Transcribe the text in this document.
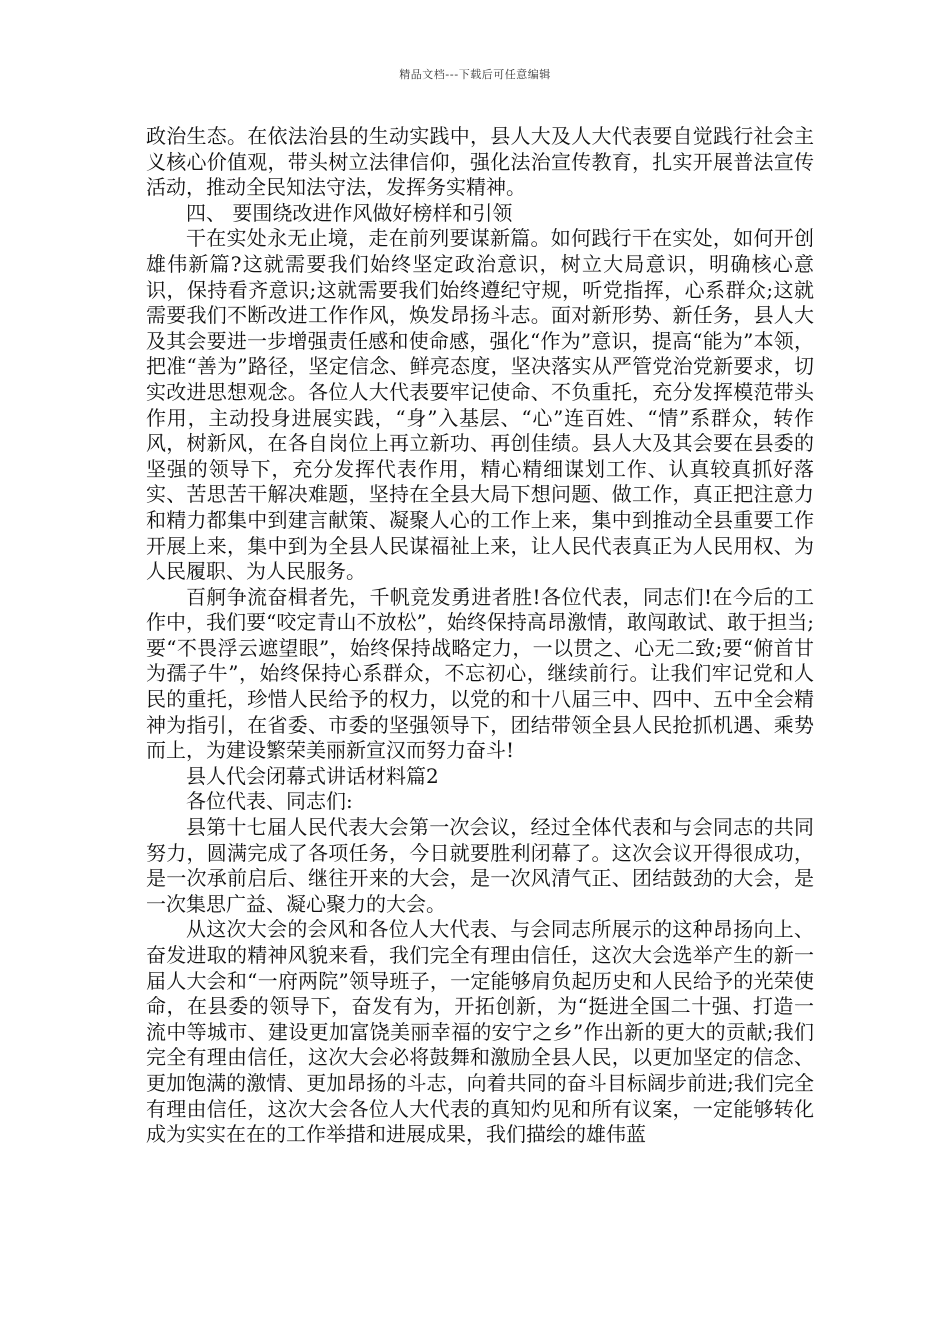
精品文档---下载后可任意编辑

政治生态。在依法治县的生动实践中，县人大及人大代表要自觉践行社会主义核心价值观，带头树立法律信仰，强化法治宣传教育，扎实开展普法宣传活动，推动全民知法守法，发挥务实精神。

四、 要围绕改进作风做好榜样和引领

干在实处永无止境，走在前列要谋新篇。如何践行干在实处，如何开创雄伟新篇?这就需要我们始终坚定政治意识，树立大局意识，明确核心意识，保持看齐意识;这就需要我们始终遵纪守规，听党指挥，心系群众;这就需要我们不断改进工作作风，焕发昂扬斗志。面对新形势、新任务，县人大及其会要进一步增强责任感和使命感，强化“作为”意识，提高“能为”本领，把准“善为”路径，坚定信念、鲜亮态度，坚决落实从严管党治党新要求，切实改进思想观念。各位人大代表要牢记使命、不负重托，充分发挥模范带头作用，主动投身进展实践，“身”入基层、“心”连百姓、“情”系群众，转作风，树新风，在各自岗位上再立新功、再创佳绩。县人大及其会要在县委的坚强的领导下，充分发挥代表作用，精心精细谋划工作、认真较真抓好落实、苦思苦干解决难题，坚持在全县大局下想问题、做工作，真正把注意力和精力都集中到建言献策、凝聚人心的工作上来，集中到推动全县重要工作开展上来，集中到为全县人民谋福祉上来，让人民代表真正为人民用权、为人民履职、为人民服务。

百舸争流奋楫者先，千帆竞发勇进者胜!各位代表，同志们!在今后的工作中，我们要“咬定青山不放松”，始终保持高昂激情，敢闯敢试、敢于担当;要“不畏浮云遮望眼”，始终保持战略定力，一以贯之、心无二致;要“俯首甘为孺子牛”，始终保持心系群众，不忘初心，继续前行。让我们牢记党和人民的重托，珍惜人民给予的权力，以党的和十八届三中、四中、五中全会精神为指引，在省委、市委的坚强领导下，团结带领全县人民抢抓机遇、乘势而上，为建设繁荣美丽新宣汉而努力奋斗!

县人代会闭幕式讲话材料篇2

各位代表、同志们:

县第十七届人民代表大会第一次会议，经过全体代表和与会同志的共同努力，圆满完成了各项任务，今日就要胜利闭幕了。这次会议开得很成功，是一次承前启后、继往开来的大会，是一次风清气正、团结鼓劲的大会，是一次集思广益、凝心聚力的大会。

从这次大会的会风和各位人大代表、与会同志所展示的这种昂扬向上、奋发进取的精神风貌来看，我们完全有理由信任，这次大会选举产生的新一届人大会和“一府两院”领导班子，一定能够肩负起历史和人民给予的光荣使命，在县委的领导下，奋发有为，开拓创新，为“挺进全国二十强、打造一流中等城市、建设更加富饶美丽幸福的安宁之乡”作出新的更大的贡献;我们完全有理由信任，这次大会必将鼓舞和激励全县人民，以更加坚定的信念、更加饱满的激情、更加昂扬的斗志，向着共同的奋斗目标阔步前进;我们完全有理由信任，这次大会各位人大代表的真知灼见和所有议案，一定能够转化成为实实在在的工作举措和进展成果，我们描绘的雄伟蓝
